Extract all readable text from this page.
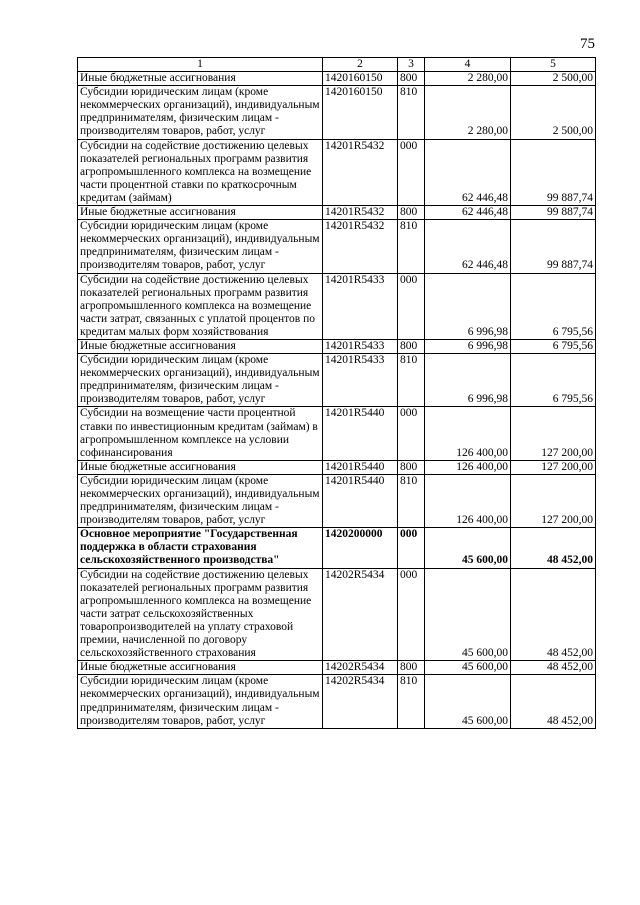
75
1	2	3	4	5
Иные бюджетные ассигнования	1420160150	800	2 280,00	2 500,00
Субсидии юридическим лицам (кроме некоммерческих организаций), индивидуальным предпринимателям, физическим лицам - производителям товаров, работ, услуг	1420160150	810	2 280,00	2 500,00
Субсидии на содействие достижению целевых показателей региональных программ развития агропромышленного комплекса на возмещение части процентной ставки по краткосрочным кредитам (займам)	14201R5432	000	62 446,48	99 887,74
Иные бюджетные ассигнования	14201R5432	800	62 446,48	99 887,74
Субсидии юридическим лицам (кроме некоммерческих организаций), индивидуальным предпринимателям, физическим лицам - производителям товаров, работ, услуг	14201R5432	810	62 446,48	99 887,74
Субсидии на содействие достижению целевых показателей региональных программ развития агропромышленного комплекса на возмещение части затрат, связанных с уплатой процентов по кредитам малых форм хозяйствования	14201R5433	000	6 996,98	6 795,56
Иные бюджетные ассигнования	14201R5433	800	6 996,98	6 795,56
Субсидии юридическим лицам (кроме некоммерческих организаций), индивидуальным предпринимателям, физическим лицам - производителям товаров, работ, услуг	14201R5433	810	6 996,98	6 795,56
Субсидии на возмещение части процентной ставки по инвестиционным кредитам (займам) в агропромышленном комплексе на условии софинансирования	14201R5440	000	126 400,00	127 200,00
Иные бюджетные ассигнования	14201R5440	800	126 400,00	127 200,00
Субсидии юридическим лицам (кроме некоммерческих организаций), индивидуальным предпринимателям, физическим лицам - производителям товаров, работ, услуг	14201R5440	810	126 400,00	127 200,00
Основное мероприятие "Государственная поддержка в области страхования сельскохозяйственного производства"	1420200000	000	45 600,00	48 452,00
Субсидии на содействие достижению целевых показателей региональных программ развития агропромышленного комплекса на возмещение части затрат сельскохозяйственных товаропроизводителей на уплату страховой премии, начисленной по договору сельскохозяйственного страхования	14202R5434	000	45 600,00	48 452,00
Иные бюджетные ассигнования	14202R5434	800	45 600,00	48 452,00
Субсидии юридическим лицам (кроме некоммерческих организаций), индивидуальным предпринимателям, физическим лицам - производителям товаров, работ, услуг	14202R5434	810	45 600,00	48 452,00
